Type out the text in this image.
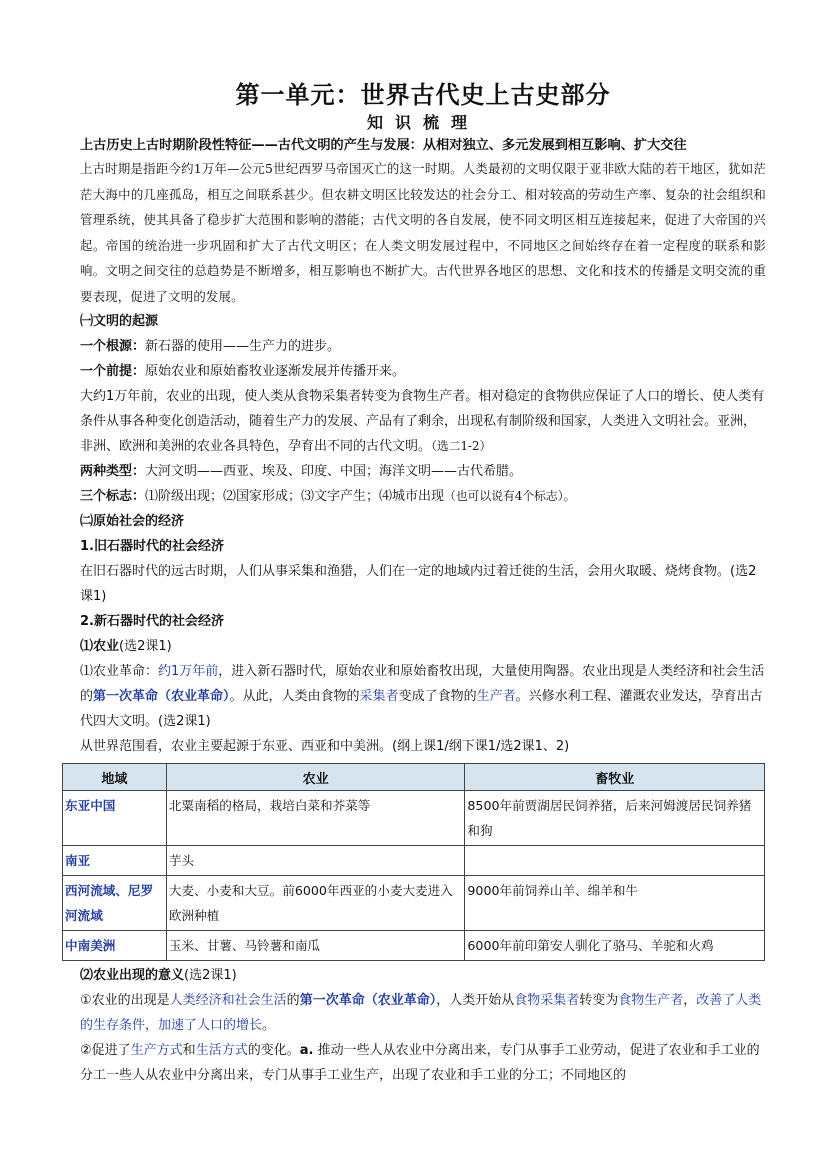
第一单元：世界古代史上古史部分
知识梳理
上古历史上古时期阶段性特征——古代文明的产生与发展：从相对独立、多元发展到相互影响、扩大交往
上古时期是指距今约1万年—公元5世纪西罗马帝国灭亡的这一时期。人类最初的文明仅限于亚非欧大陆的若干地区，犹如茫茫大海中的几座孤岛，相互之间联系甚少。但农耕文明区比较发达的社会分工、相对较高的劳动生产率、复杂的社会组织和管理系统，使其具备了稳步扩大范围和影响的潜能；古代文明的各自发展，使不同文明区相互连接起来，促进了大帝国的兴起。帝国的统治进一步巩固和扩大了古代文明区；在人类文明发展过程中，不同地区之间始终存在着一定程度的联系和影响。文明之间交往的总趋势是不断增多，相互影响也不断扩大。古代世界各地区的思想、文化和技术的传播是文明交流的重要表现，促进了文明的发展。
㈠文明的起源
一个根源：新石器的使用——生产力的进步。
一个前提：原始农业和原始畜牧业逐渐发展并传播开来。
大约1万年前，农业的出现，使人类从食物采集者转变为食物生产者。相对稳定的食物供应保证了人口的增长、使人类有条件从事各种变化创造活动，随着生产力的发展、产品有了剩余，出现私有制阶级和国家，人类进入文明社会。亚洲，非洲、欧洲和美洲的农业各具特色，孕育出不同的古代文明。（选二1-2）
两种类型：大河文明——西亚、埃及、印度、中国；海洋文明——古代希腊。
三个标志：⑴阶级出现；⑵国家形成；⑶文字产生；⑷城市出现（也可以说有4个标志）。
㈡原始社会的经济
1.旧石器时代的社会经济
在旧石器时代的远古时期，人们从事采集和渔猎，人们在一定的地域内过着迁徙的生活，会用火取暖、烧烤食物。(选2课1)
2.新石器时代的社会经济
⑴农业(选2课1)
⑴农业革命：约1万年前，进入新石器时代，原始农业和原始畜牧出现，大量使用陶器。农业出现是人类经济和社会生活的第一次革命（农业革命）。从此，人类由食物的采集者变成了食物的生产者。兴修水利工程、灌溉农业发达，孕育出古代四大文明。(选2课1)
从世界范围看，农业主要起源于东亚、西亚和中美洲。(纲上课1/纲下课1/选2课1、2)
地域	农业	畜牧业
东亚中国	北粟南稻的格局，栽培白菜和芥菜等	8500年前贾湖居民饲养猪，后来河姆渡居民饲养猪和狗
南亚	芋头	
西河流域、尼罗河流域	大麦、小麦和大豆。前6000年西亚的小麦大麦进入欧洲种植	9000年前饲养山羊、绵羊和牛
中南美洲	玉米、甘薯、马铃薯和南瓜	6000年前印第安人驯化了骆马、羊驼和火鸡
⑵农业出现的意义(选2课1)
①农业的出现是人类经济和社会生活的第一次革命（农业革命），人类开始从食物采集者转变为食物生产者，改善了人类的生存条件，加速了人口的增长。
②促进了生产方式和生活方式的变化。a. 推动一些人从农业中分离出来，专门从事手工业劳动，促进了农业和手工业的分工一些人从农业中分离出来，专门从事手工业生产，出现了农业和手工业的分工；不同地区的
